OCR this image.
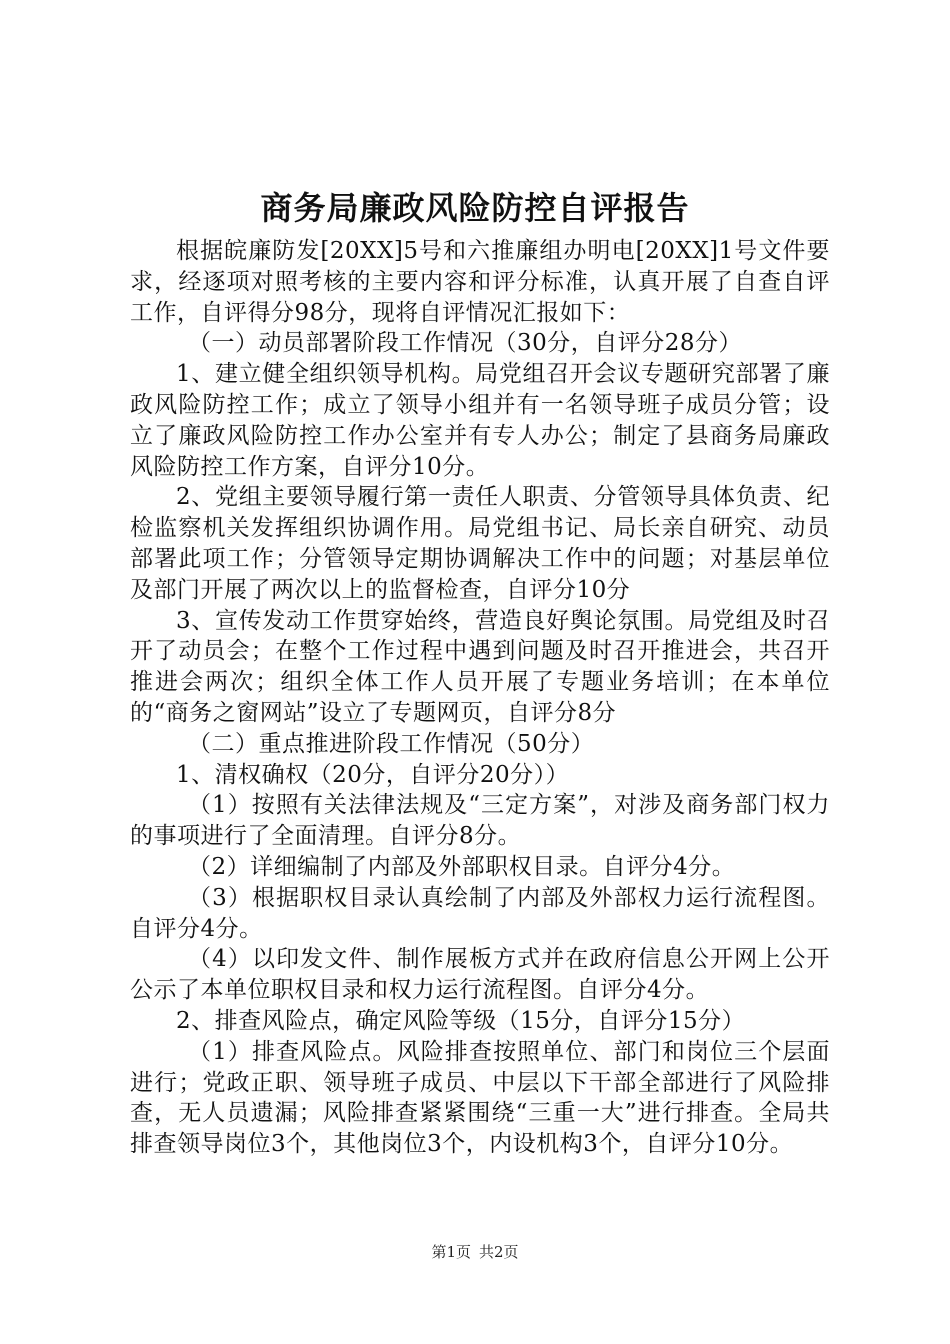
商务局廉政风险防控自评报告

根据皖廉防发[20XX]5号和六推廉组办明电[20XX]1号文件要求，经逐项对照考核的主要内容和评分标准，认真开展了自查自评工作，自评得分98分，现将自评情况汇报如下：

（一）动员部署阶段工作情况（30分，自评分28分）

1、建立健全组织领导机构。局党组召开会议专题研究部署了廉政风险防控工作；成立了领导小组并有一名领导班子成员分管；设立了廉政风险防控工作办公室并有专人办公；制定了县商务局廉政风险防控工作方案，自评分10分。

2、党组主要领导履行第一责任人职责、分管领导具体负责、纪检监察机关发挥组织协调作用。局党组书记、局长亲自研究、动员部署此项工作；分管领导定期协调解决工作中的问题；对基层单位及部门开展了两次以上的监督检查，自评分10分

3、宣传发动工作贯穿始终，营造良好舆论氛围。局党组及时召开了动员会；在整个工作过程中遇到问题及时召开推进会，共召开推进会两次；组织全体工作人员开展了专题业务培训；在本单位的“商务之窗网站”设立了专题网页，自评分8分

（二）重点推进阶段工作情况（50分）

1、清权确权（20分，自评分20分））

（1）按照有关法律法规及“三定方案”，对涉及商务部门权力的事项进行了全面清理。自评分8分。

（2）详细编制了内部及外部职权目录。自评分4分。

（3）根据职权目录认真绘制了内部及外部权力运行流程图。自评分4分。

（4）以印发文件、制作展板方式并在政府信息公开网上公开公示了本单位职权目录和权力运行流程图。自评分4分。

2、排查风险点，确定风险等级（15分，自评分15分）

（1）排查风险点。风险排查按照单位、部门和岗位三个层面进行；党政正职、领导班子成员、中层以下干部全部进行了风险排查，无人员遗漏；风险排查紧紧围绕“三重一大”进行排查。全局共排查领导岗位3个，其他岗位3个，内设机构3个，自评分10分。

第1页 共2页
